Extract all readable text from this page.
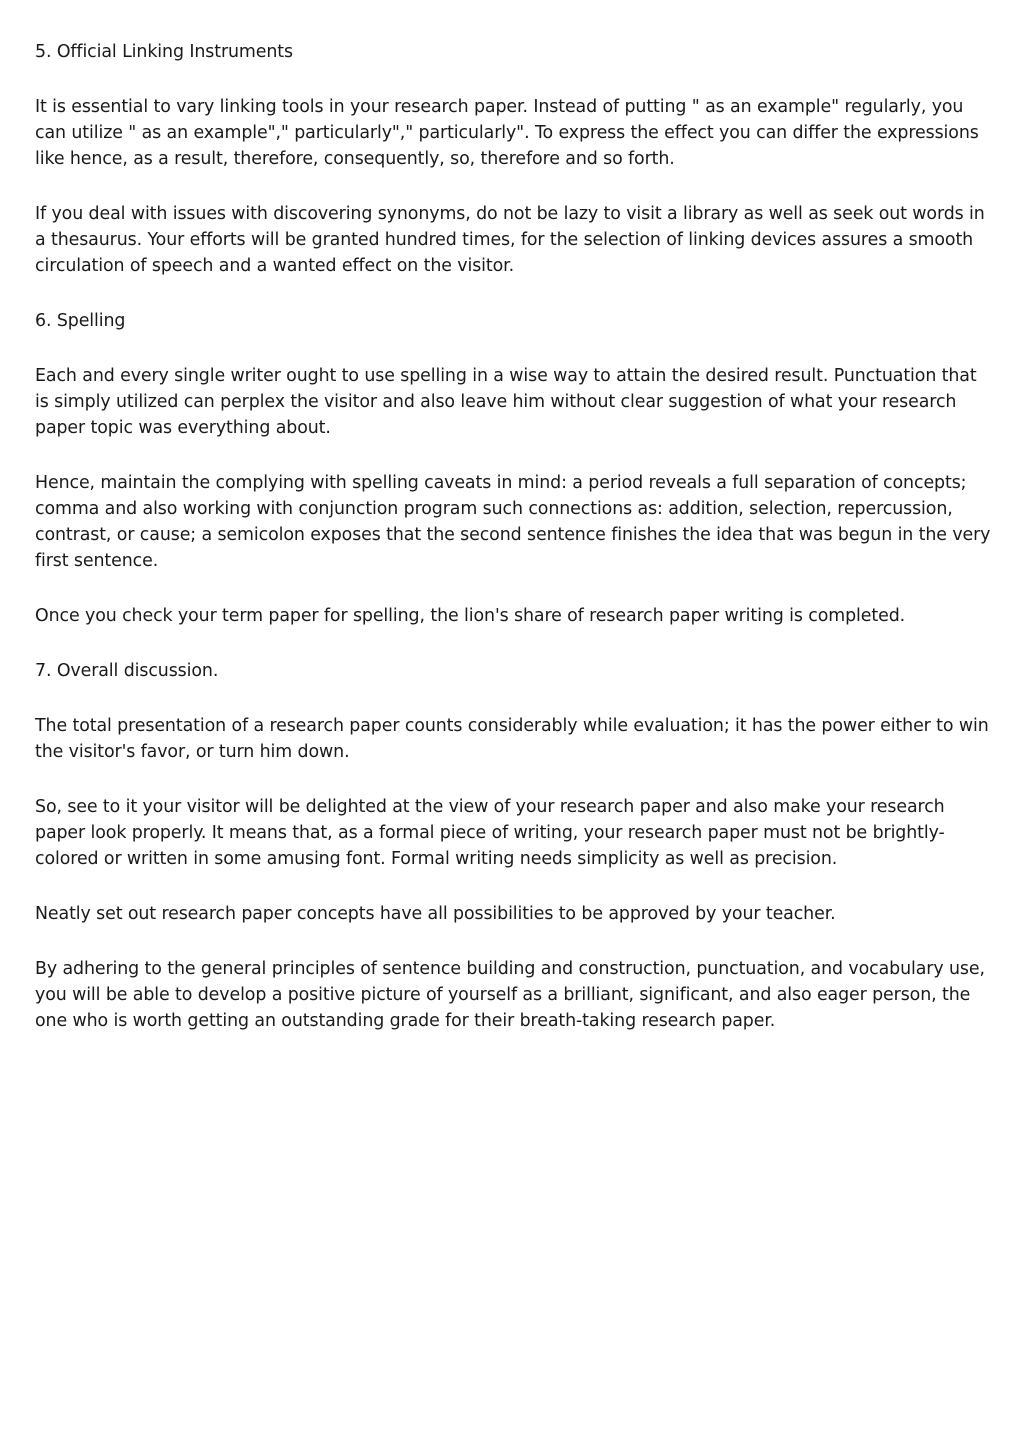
5. Official Linking Instruments

It is essential to vary linking tools in your research paper. Instead of putting " as an example" regularly, you can utilize " as an example"," particularly"," particularly". To express the effect you can differ the expressions like hence, as a result, therefore, consequently, so, therefore and so forth.

If you deal with issues with discovering synonyms, do not be lazy to visit a library as well as seek out words in a thesaurus. Your efforts will be granted hundred times, for the selection of linking devices assures a smooth circulation of speech and a wanted effect on the visitor.

6. Spelling

Each and every single writer ought to use spelling in a wise way to attain the desired result. Punctuation that is simply utilized can perplex the visitor and also leave him without clear suggestion of what your research paper topic was everything about.

Hence, maintain the complying with spelling caveats in mind: a period reveals a full separation of concepts; comma and also working with conjunction program such connections as: addition, selection, repercussion, contrast, or cause; a semicolon exposes that the second sentence finishes the idea that was begun in the very first sentence.

Once you check your term paper for spelling, the lion's share of research paper writing is completed.

7. Overall discussion.

The total presentation of a research paper counts considerably while evaluation; it has the power either to win the visitor's favor, or turn him down.

So, see to it your visitor will be delighted at the view of your research paper and also make your research paper look properly. It means that, as a formal piece of writing, your research paper must not be brightly-colored or written in some amusing font. Formal writing needs simplicity as well as precision.

Neatly set out research paper concepts have all possibilities to be approved by your teacher.

By adhering to the general principles of sentence building and construction, punctuation, and vocabulary use, you will be able to develop a positive picture of yourself as a brilliant, significant, and also eager person, the one who is worth getting an outstanding grade for their breath-taking research paper.
